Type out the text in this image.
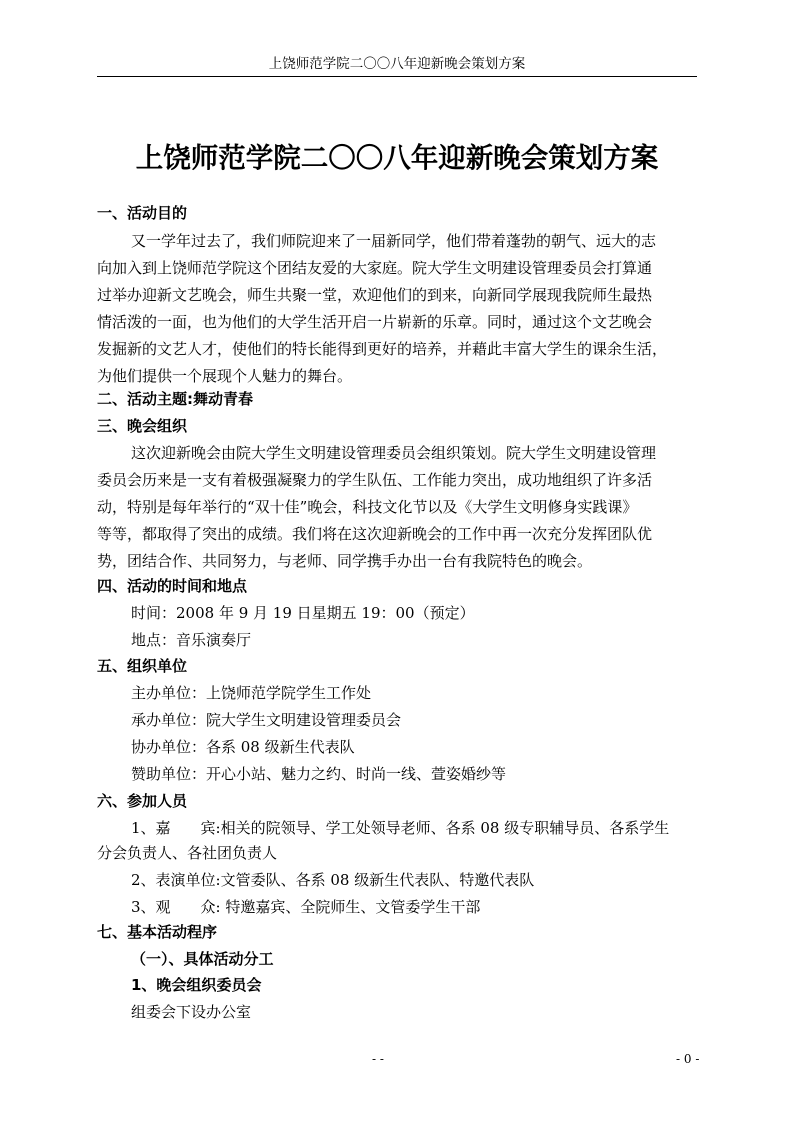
上饶师范学院二〇〇八年迎新晚会策划方案
上饶师范学院二〇〇八年迎新晚会策划方案
一、活动目的
又一学年过去了，我们师院迎来了一届新同学，他们带着蓬勃的朝气、远大的志
向加入到上饶师范学院这个团结友爱的大家庭。院大学生文明建设管理委员会打算通
过举办迎新文艺晚会，师生共聚一堂，欢迎他们的到来，向新同学展现我院师生最热
情活泼的一面，也为他们的大学生活开启一片崭新的乐章。同时，通过这个文艺晚会
发掘新的文艺人才，使他们的特长能得到更好的培养，并藉此丰富大学生的课余生活，
为他们提供一个展现个人魅力的舞台。
二、活动主题:舞动青春
三、晚会组织
这次迎新晚会由院大学生文明建设管理委员会组织策划。院大学生文明建设管理
委员会历来是一支有着极强凝聚力的学生队伍、工作能力突出，成功地组织了许多活
动，特别是每年举行的“双十佳”晚会，科技文化节以及《大学生文明修身实践课》
等等，都取得了突出的成绩。我们将在这次迎新晚会的工作中再一次充分发挥团队优
势，团结合作、共同努力，与老师、同学携手办出一台有我院特色的晚会。
四、活动的时间和地点
时间：2008 年 9 月 19 日星期五 19：00（预定）
地点：音乐演奏厅
五、组织单位
主办单位：上饶师范学院学生工作处
承办单位：院大学生文明建设管理委员会
协办单位：各系 08 级新生代表队
赞助单位：开心小站、魅力之约、时尚一线、萱姿婚纱等
六、参加人员
1、嘉　　宾:相关的院领导、学工处领导老师、各系 08 级专职辅导员、各系学生
分会负责人、各社团负责人
2、表演单位:文管委队、各系 08 级新生代表队、特邀代表队
3、观　　众: 特邀嘉宾、全院师生、文管委学生干部
七、基本活动程序
（一）、具体活动分工
1、晚会组织委员会
组委会下设办公室
- -	- 0 -
